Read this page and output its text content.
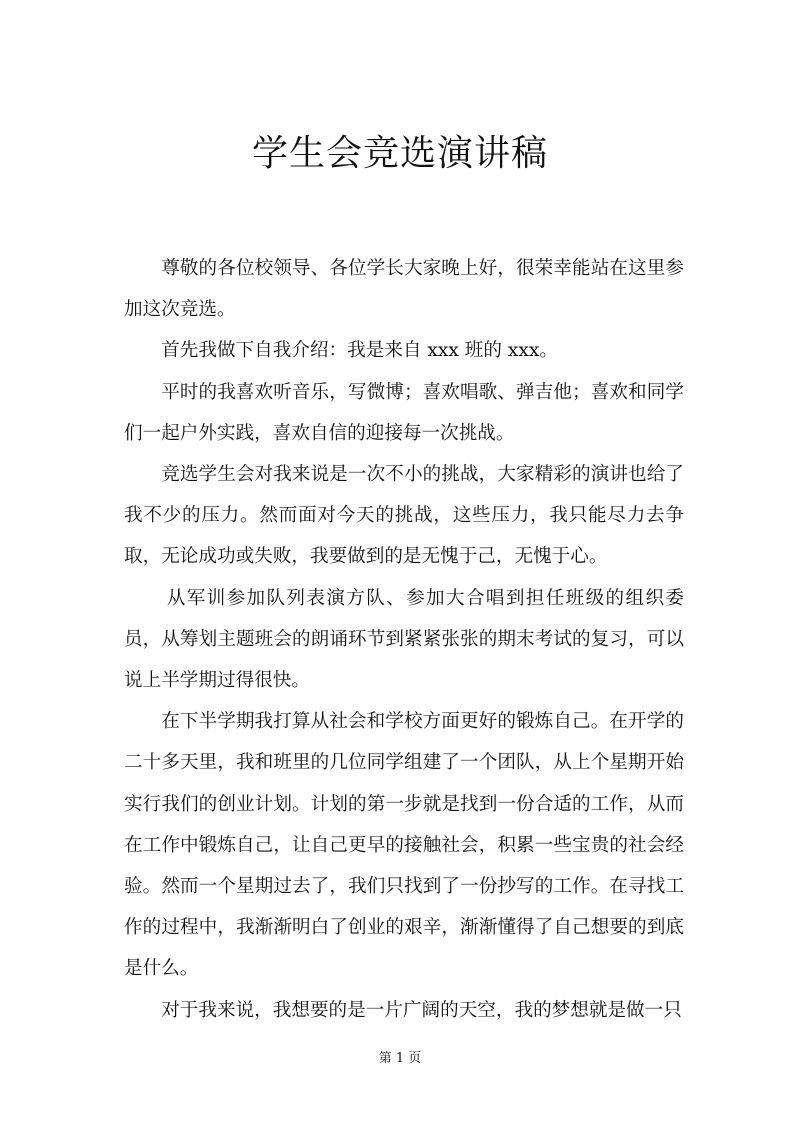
学生会竞选演讲稿

尊敬的各位校领导、各位学长大家晚上好，很荣幸能站在这里参加这次竞选。

首先我做下自我介绍：我是来自 xxx 班的 xxx。

平时的我喜欢听音乐，写微博；喜欢唱歌、弹吉他；喜欢和同学们一起户外实践，喜欢自信的迎接每一次挑战。

竞选学生会对我来说是一次不小的挑战，大家精彩的演讲也给了我不少的压力。然而面对今天的挑战，这些压力，我只能尽力去争取，无论成功或失败，我要做到的是无愧于己，无愧于心。

从军训参加队列表演方队、参加大合唱到担任班级的组织委员，从筹划主题班会的朗诵环节到紧紧张张的期末考试的复习，可以说上半学期过得很快。

在下半学期我打算从社会和学校方面更好的锻炼自己。在开学的二十多天里，我和班里的几位同学组建了一个团队，从上个星期开始实行我们的创业计划。计划的第一步就是找到一份合适的工作，从而在工作中锻炼自己，让自己更早的接触社会，积累一些宝贵的社会经验。然而一个星期过去了，我们只找到了一份抄写的工作。在寻找工作的过程中，我渐渐明白了创业的艰辛，渐渐懂得了自己想要的到底是什么。

对于我来说，我想要的是一片广阔的天空，我的梦想就是做一只

第 1 页
